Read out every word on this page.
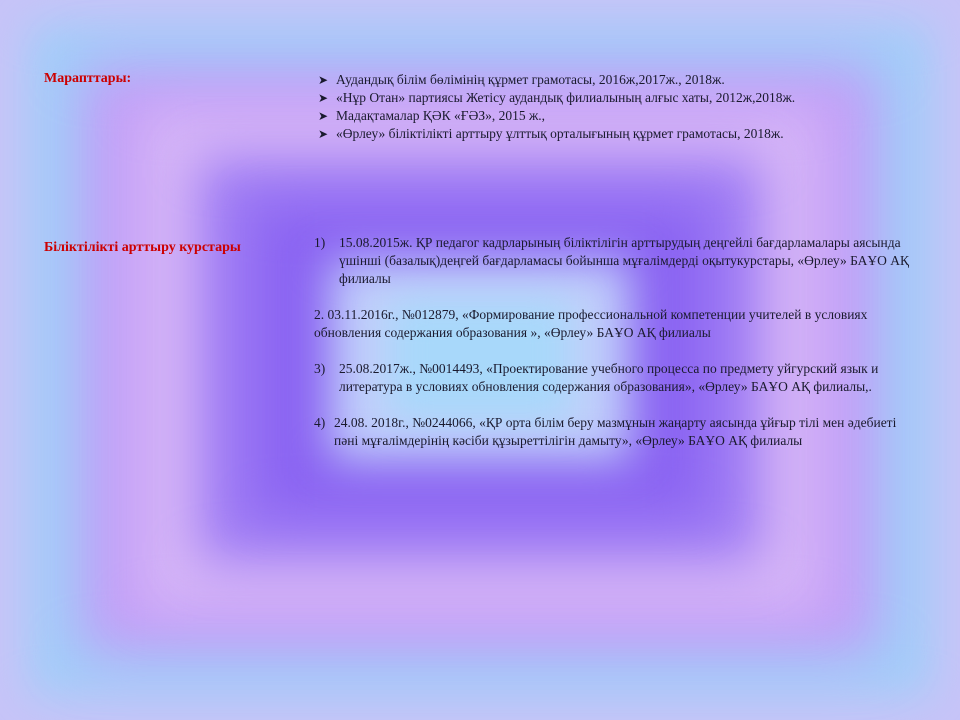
Марапттары:	➤ Аудандық білім бөлімінің құрмет грамотасы, 2016ж,2017ж., 2018ж.
➤ «Нұр Отан» партиясы Жетісу аудандық филиалының алғыс хаты, 2012ж,2018ж.
➤ Мадақтамалар ҚӘК «ҒӘЗ», 2015 ж.,
➤ «Өрлеу» біліктілікті арттыру ұлттық орталығының құрмет грамотасы, 2018ж.
Біліктілікті арттыру курстары	1)	15.08.2015ж. ҚР педагог кадрларының біліктілігін арттырудың деңгейлі бағдарламалары аясында үшінші (базалық)деңгей бағдарламасы бойынша мұғалімдерді оқытукурстары, «Өрлеу» БАҰО АҚ филиалы
2. 03.11.2016г., №012879, «Формирование профессиональной компетенции учителей в условиях обновления содержания образования », «Өрлеу» БАҰО АҚ филиалы
3)	25.08.2017ж., №0014493, «Проектирование учебного процесса по предмету уйгурский язык и литература в условиях обновления содержания образования», «Өрлеу» БАҰО АҚ филиалы,.
4) 24.08. 2018г., №0244066, «ҚР орта білім беру мазмұнын жаңарту аясында ұйғыр тілі мен әдебиеті пәні мұғалімдерінің кәсіби құзыреттілігін дамыту», «Өрлеу» БАҰО АҚ филиалы
